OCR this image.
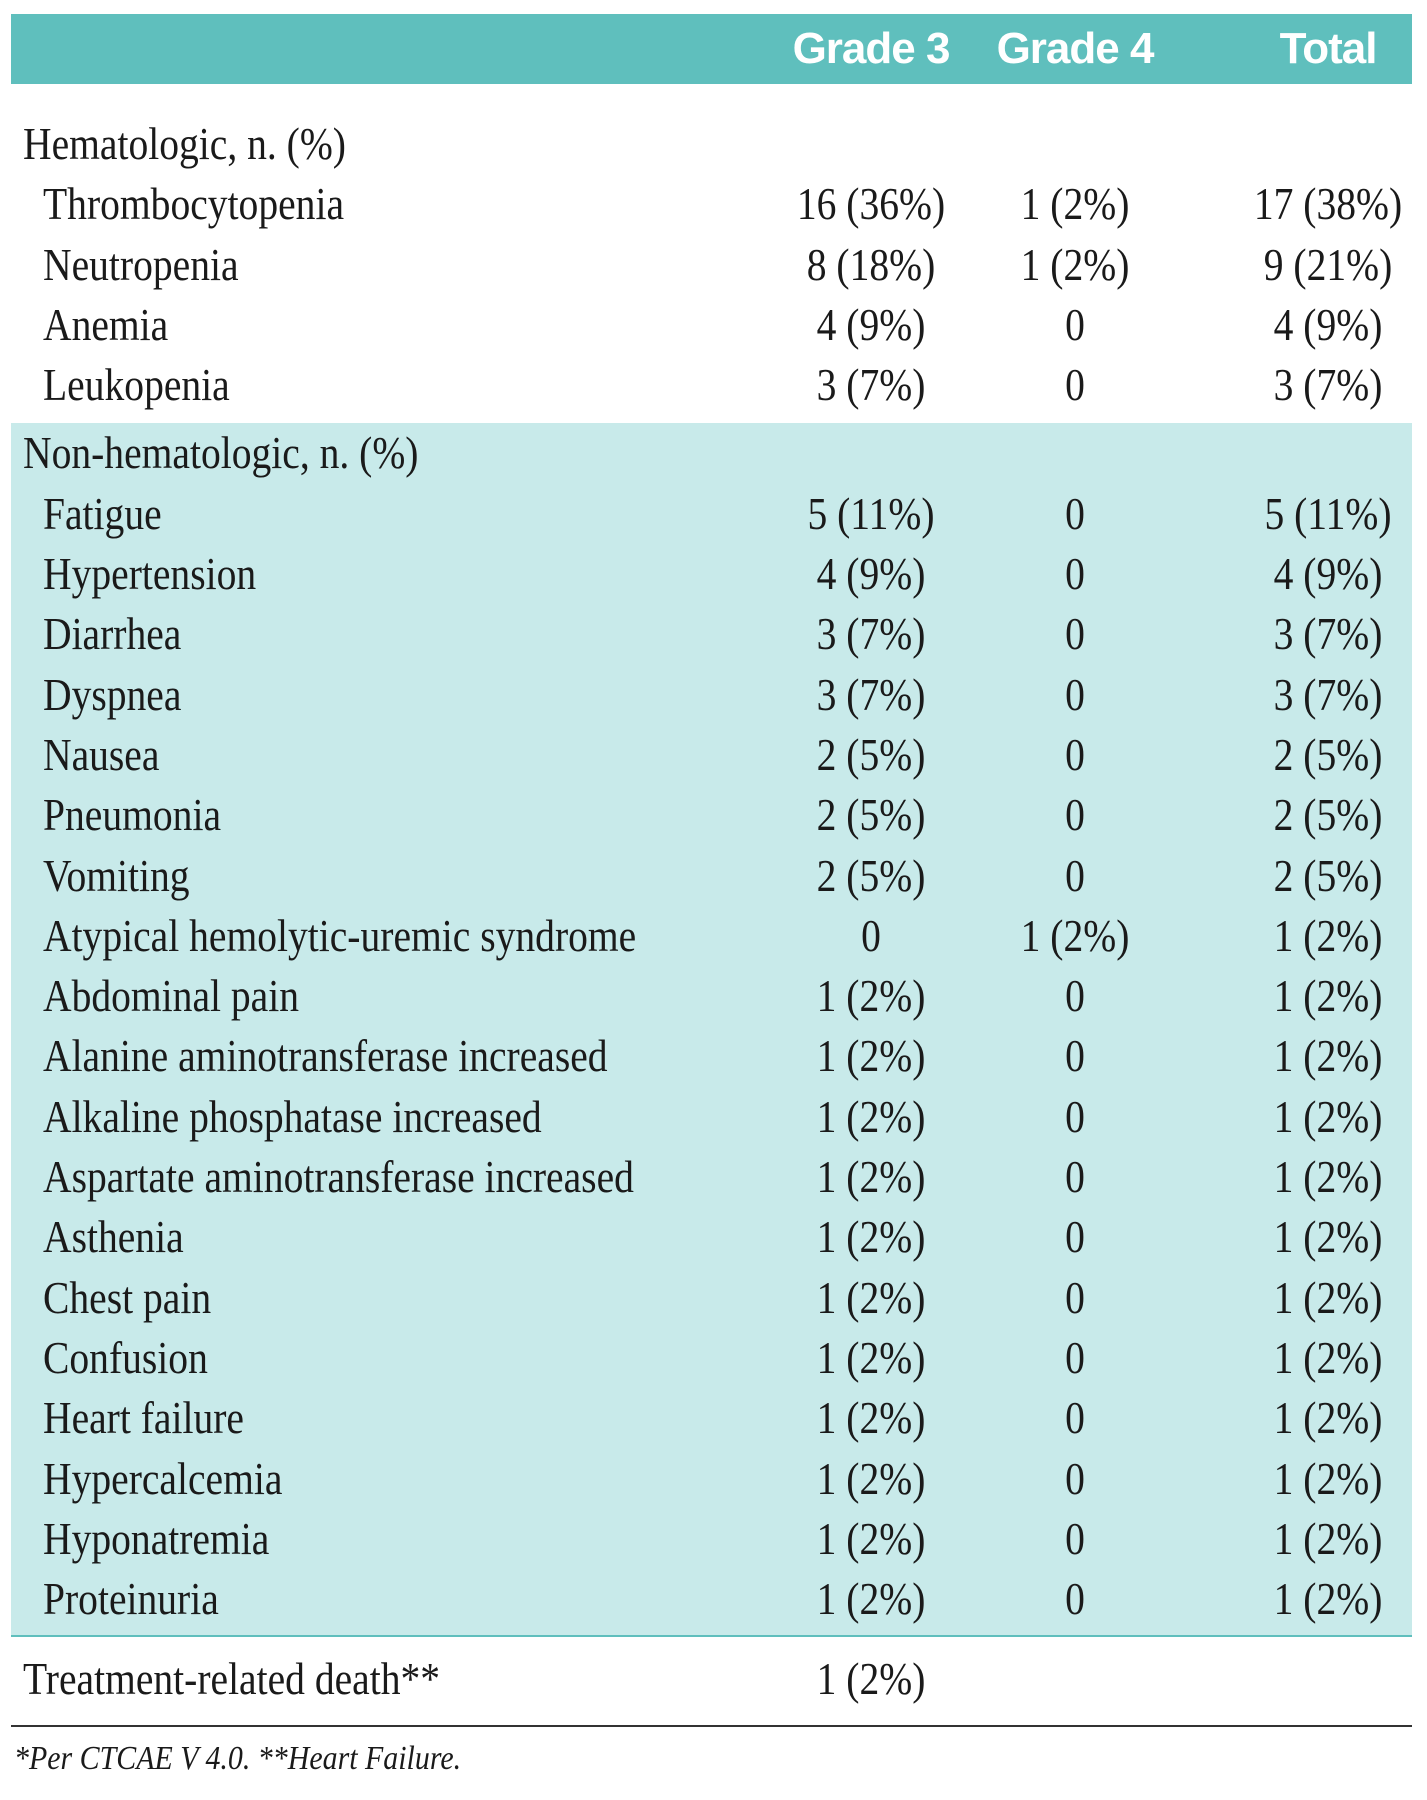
Grade 3	Grade 4	Total
Hematologic, n. (%)
Thrombocytopenia	16 (36%)	1 (2%)	17 (38%)
Neutropenia	8 (18%)	1 (2%)	9 (21%)
Anemia	4 (9%)	0	4 (9%)
Leukopenia	3 (7%)	0	3 (7%)
Non-hematologic, n. (%)
Fatigue	5 (11%)	0	5 (11%)
Hypertension	4 (9%)	0	4 (9%)
Diarrhea	3 (7%)	0	3 (7%)
Dyspnea	3 (7%)	0	3 (7%)
Nausea	2 (5%)	0	2 (5%)
Pneumonia	2 (5%)	0	2 (5%)
Vomiting	2 (5%)	0	2 (5%)
Atypical hemolytic-uremic syndrome	0	1 (2%)	1 (2%)
Abdominal pain	1 (2%)	0	1 (2%)
Alanine aminotransferase increased	1 (2%)	0	1 (2%)
Alkaline phosphatase increased	1 (2%)	0	1 (2%)
Aspartate aminotransferase increased	1 (2%)	0	1 (2%)
Asthenia	1 (2%)	0	1 (2%)
Chest pain	1 (2%)	0	1 (2%)
Confusion	1 (2%)	0	1 (2%)
Heart failure	1 (2%)	0	1 (2%)
Hypercalcemia	1 (2%)	0	1 (2%)
Hyponatremia	1 (2%)	0	1 (2%)
Proteinuria	1 (2%)	0	1 (2%)
Treatment-related death**	1 (2%)
*Per CTCAE V 4.0. **Heart Failure.
